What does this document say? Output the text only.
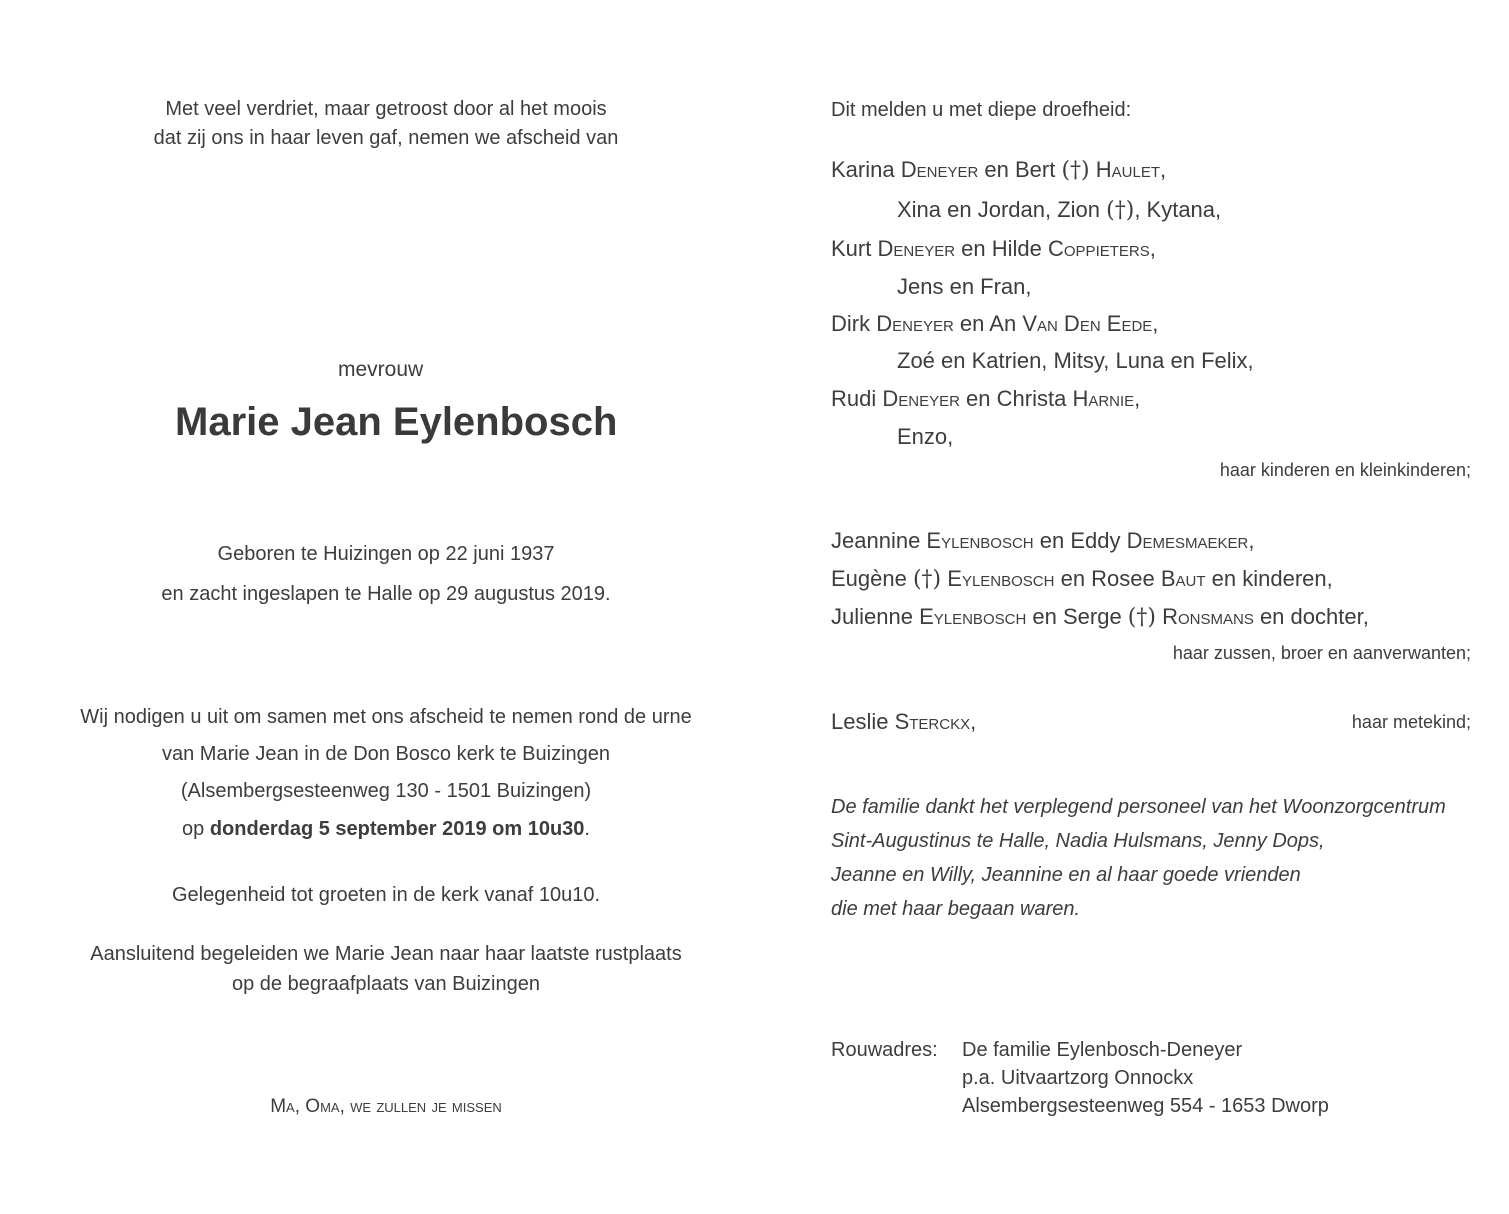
Met veel verdriet, maar getroost door al het moois
dat zij ons in haar leven gaf, nemen we afscheid van
mevrouw
Marie Jean Eylenbosch
Geboren te Huizingen op 22 juni 1937
en zacht ingeslapen te Halle op 29 augustus 2019.
Wij nodigen u uit om samen met ons afscheid te nemen rond de urne
van Marie Jean in de Don Bosco kerk te Buizingen
(Alsembergsesteenweg 130 - 1501 Buizingen)
op donderdag 5 september 2019 om 10u30.
Gelegenheid tot groeten in de kerk vanaf 10u10.
Aansluitend begeleiden we Marie Jean naar haar laatste rustplaats
op de begraafplaats van Buizingen
Ma, Oma, we zullen je missen
Dit melden u met diepe droefheid:
Karina Deneyer en Bert (†) Haulet,
Xina en Jordan, Zion (†), Kytana,
Kurt Deneyer en Hilde Coppieters,
Jens en Fran,
Dirk Deneyer en An Van Den Eede,
Zoé en Katrien, Mitsy, Luna en Felix,
Rudi Deneyer en Christa Harnie,
Enzo,
haar kinderen en kleinkinderen;
Jeannine Eylenbosch en Eddy Demesmaeker,
Eugène (†) Eylenbosch en Rosee Baut en kinderen,
Julienne Eylenbosch en Serge (†) Ronsmans en dochter,
haar zussen, broer en aanverwanten;
Leslie Sterckx,	haar metekind;
De familie dankt het verplegend personeel van het Woonzorgcentrum
Sint-Augustinus te Halle, Nadia Hulsmans, Jenny Dops,
Jeanne en Willy, Jeannine en al haar goede vrienden
die met haar begaan waren.
Rouwadres: De familie Eylenbosch-Deneyer
p.a. Uitvaartzorg Onnockx
Alsembergsesteenweg 554 - 1653 Dworp
